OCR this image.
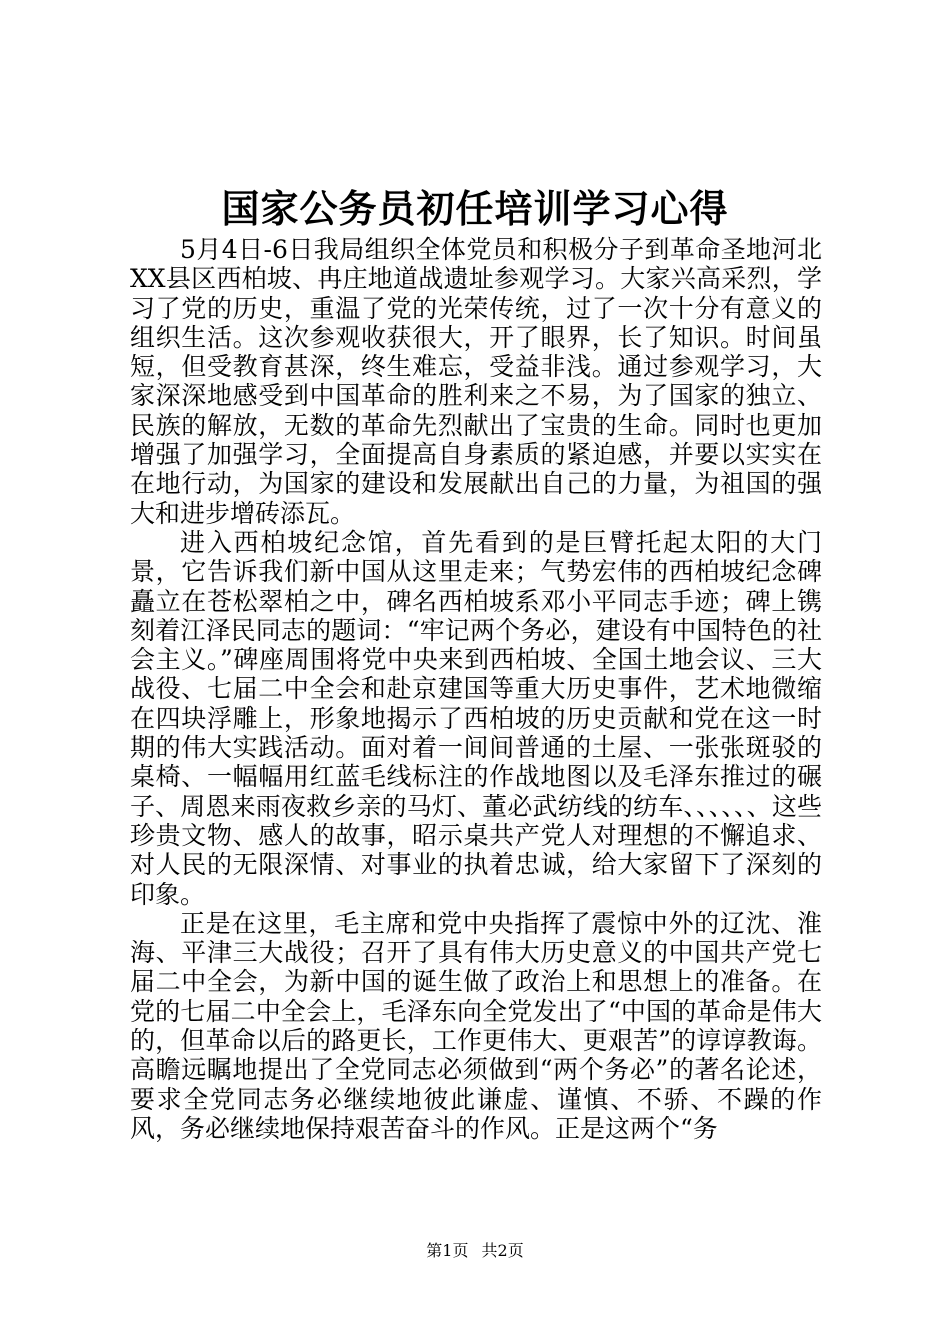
国家公务员初任培训学习心得

5月4日-6日我局组织全体党员和积极分子到革命圣地河北XX县区西柏坡、冉庄地道战遗址参观学习。大家兴高采烈，学习了党的历史，重温了党的光荣传统，过了一次十分有意义的组织生活。这次参观收获很大，开了眼界，长了知识。时间虽短，但受教育甚深，终生难忘，受益非浅。通过参观学习，大家深深地感受到中国革命的胜利来之不易，为了国家的独立、民族的解放，无数的革命先烈献出了宝贵的生命。同时也更加增强了加强学习，全面提高自身素质的紧迫感，并要以实实在在地行动，为国家的建设和发展献出自己的力量，为祖国的强大和进步增砖添瓦。

进入西柏坡纪念馆，首先看到的是巨臂托起太阳的大门景，它告诉我们新中国从这里走来；气势宏伟的西柏坡纪念碑矗立在苍松翠柏之中，碑名西柏坡系邓小平同志手迹；碑上镌刻着江泽民同志的题词：“牢记两个务必，建设有中国特色的社会主义。”碑座周围将党中央来到西柏坡、全国土地会议、三大战役、七届二中全会和赴京建国等重大历史事件，艺术地微缩在四块浮雕上，形象地揭示了西柏坡的历史贡献和党在这一时期的伟大实践活动。面对着一间间普通的土屋、一张张斑驳的桌椅、一幅幅用红蓝毛线标注的作战地图以及毛泽东推过的碾子、周恩来雨夜救乡亲的马灯、董必武纺线的纺车、、、、、、这些珍贵文物、感人的故事，昭示桌共产党人对理想的不懈追求、对人民的无限深情、对事业的执着忠诚，给大家留下了深刻的印象。

正是在这里，毛主席和党中央指挥了震惊中外的辽沈、淮海、平津三大战役；召开了具有伟大历史意义的中国共产党七届二中全会，为新中国的诞生做了政治上和思想上的准备。在党的七届二中全会上，毛泽东向全党发出了“中国的革命是伟大的，但革命以后的路更长，工作更伟大、更艰苦”的谆谆教诲。高瞻远瞩地提出了全党同志必须做到“两个务必”的著名论述，要求全党同志务必继续地彼此谦虚、谨慎、不骄、不躁的作风，务必继续地保持艰苦奋斗的作风。正是这两个“务

第1页 共2页
